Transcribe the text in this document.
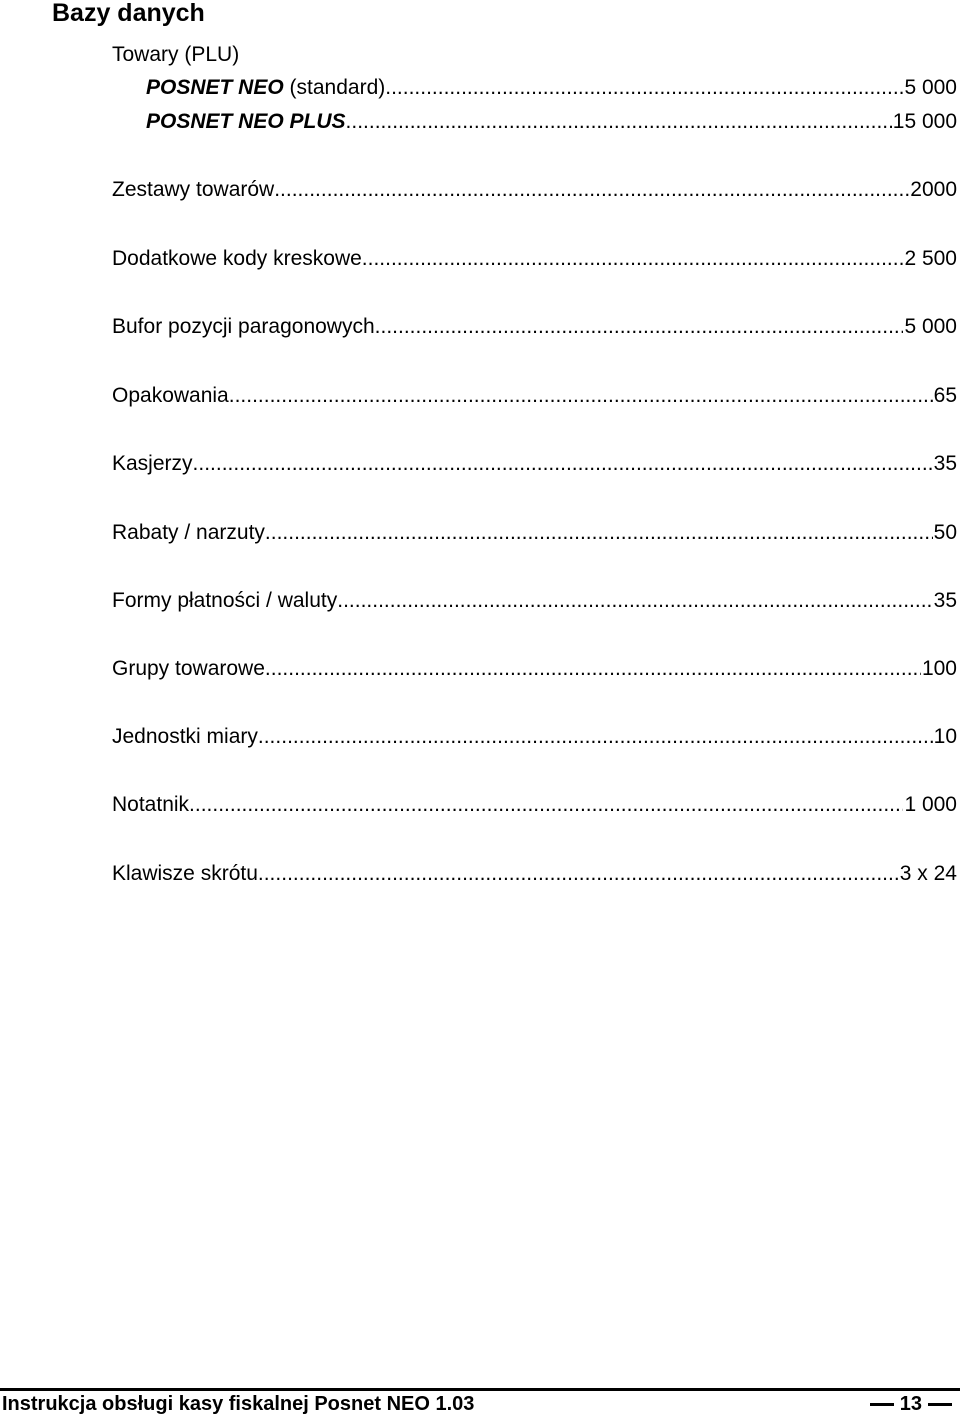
Bazy danych
Towary (PLU)
POSNET NEO (standard) .....	5 000
POSNET NEO PLUS .....	15 000
Zestawy towarów .....	2000
Dodatkowe kody kreskowe .....	2 500
Bufor pozycji paragonowych .....	5 000
Opakowania .....	65
Kasjerzy .....	35
Rabaty / narzuty .....	50
Formy płatności / waluty .....	35
Grupy towarowe .....	100
Jednostki miary .....	10
Notatnik .....	1 000
Klawisze skrótu .....	3 x 24
Instrukcja obsługi kasy fiskalnej Posnet NEO 1.03	13
